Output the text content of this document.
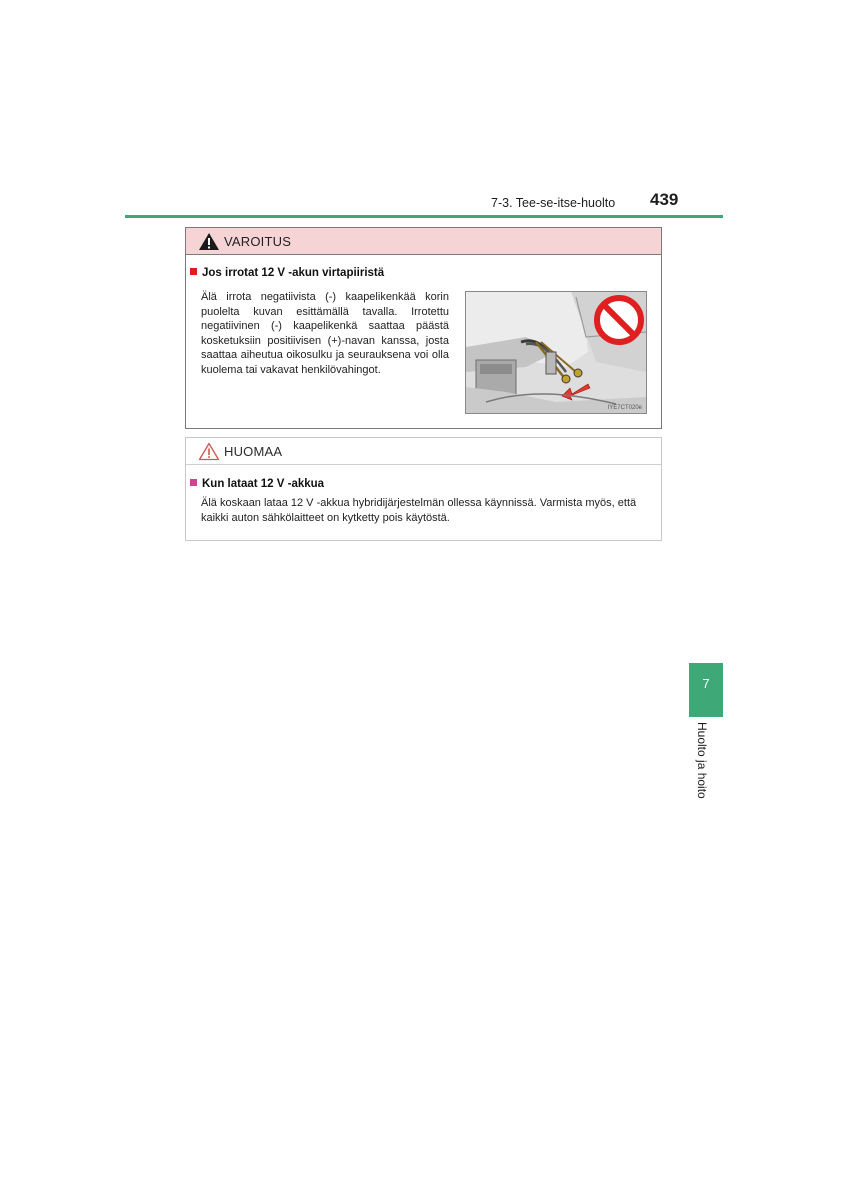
7-3. Tee-se-itse-huolto 439
VAROITUS
Jos irrotat 12 V -akun virtapiiristä
Älä irrota negatiivista (-) kaapelikenkää korin puolelta kuvan esittämällä tavalla. Irrotettu negatiivinen (-) kaapelikenkä saattaa päästä kosketuksiin positiivisen (+)-navan kanssa, josta saattaa aiheutua oikosulku ja seurauksena voi olla kuolema tai vakavat henkilövahingot.
IYE7CT020e
HUOMAA
Kun lataat 12 V -akkua
Älä koskaan lataa 12 V -akkua hybridijärjestelmän ollessa käynnissä. Varmista myös, että kaikki auton sähkölaitteet on kytketty pois käytöstä.
7
Huolto ja hoito
